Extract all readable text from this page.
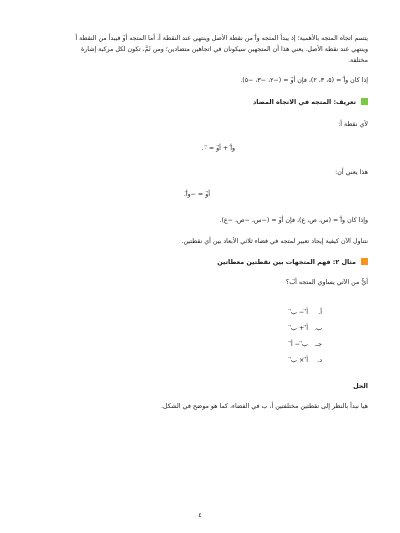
يتسم اتجاه المتجه بالأهمية؛ إذ يبدأ المتجه و⃗أ من نقطة الأصل وينتهي عند النقطة أ، أما المتجه أ⃗و فيبدأ من النقطة أ
وينتهي عند نقطة الأصل. يعني هذا أن المتجهين سيكونان في اتجاهين متضادين؛ ومن ثَمَّ، تكون لكل مركبة إشارة
مختلفة.
إذا كان و⃗أ = (٥، ٣، ٢)، فإن أ⃗و = (−٢، −٣، −٥).
تعريف: المتجه في الاتجاه المضاد
لأي نقطة أ:
و⃗أ + أ⃗و = ٠⃗.
هذا يعني أن:
أ⃗و = −و⃗أ.
وإذا كان و⃗أ = (س، ص، ع)، فإن أ⃗و = (−س، −ص، −ع).
نتناول الآن كيفية إيجاد تعبير لمتجه في فضاء ثلاثي الأبعاد بين أي نقطتين.
مثال ٢: فهم المتجهات بين نقطتين معطاتين
أيٌّ من الآتي يساوي المتجه أ⃗ب؟
أ.أ⃗ − ب⃗
ب.أ⃗ + ب⃗
جـ.ب⃗ − أ⃗
د.أ⃗ × ب⃗
الحل
هيا نبدأ بالنظر إلى نقطتين مختلفتين أ، ب في الفضاء، كما هو موضح في الشكل.
٤
